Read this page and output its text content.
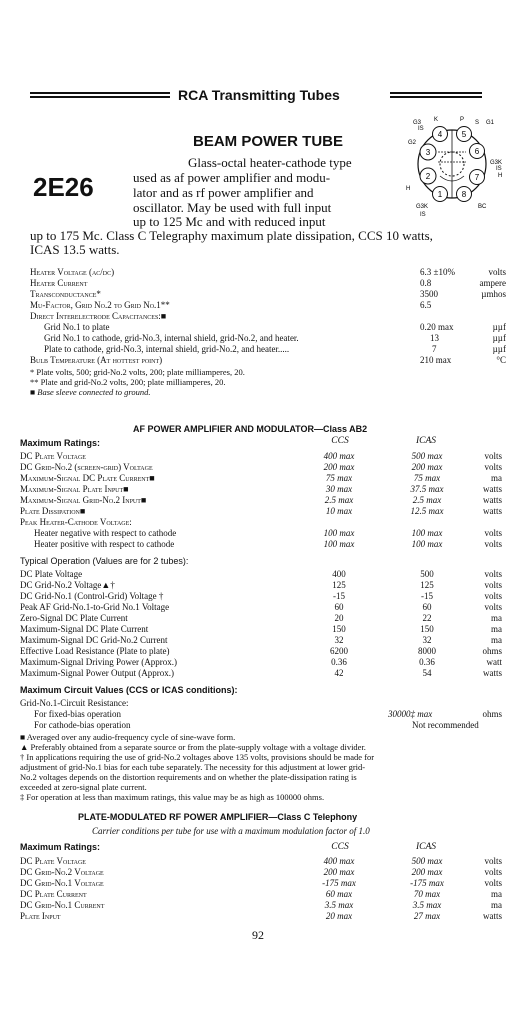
RCA Transmitting Tubes
3
4 5
6
7
8
1
2
G3
IS
K	P S G1
G2
G3 K
IS
H
H
G3 K	BC
IS
BEAM POWER TUBE
2E26
Glass-octal heater-cathode type
used as af power amplifier and modu-
lator and as rf power amplifier and
oscillator. May be used with full input
up to 125 Mc and with reduced input
up to 175 Mc. Class C Telegraphy maximum plate dissipation, CCS 10 watts,
ICAS 13.5 watts.
Heater Voltage (ac/dc)	6.3 ±10%	volts
Heater Current	0.8	ampere
Transconductance*	3500	µmhos
Mu-Factor, Grid No.2 to Grid No.1**	6.5
Direct Interelectrode Capacitances:■
Grid No.1 to plate	0.20 max	µµf
Grid No.1 to cathode, grid-No.3, internal shield, grid-No.2, and heater.	13	µµf
Plate to cathode, grid-No.3, internal shield, grid-No.2, and heater.....	7	µµf
Bulb Temperature (At hottest point)	210 max	°C
* Plate volts, 500; grid-No.2 volts, 200; plate milliamperes, 20.
** Plate and grid-No.2 volts, 200; plate milliamperes, 20.
■ Base sleeve connected to ground.
AF POWER AMPLIFIER AND MODULATOR—Class AB2
Maximum Ratings:	CCS	ICAS
DC Plate Voltage	400 max	500 max	volts
DC Grid-No.2 (screen-grid) Voltage	200 max	200 max	volts
Maximum-Signal DC Plate Current■	75 max	75 max	ma
Maximum-Signal Plate Input■	30 max	37.5 max	watts
Maximum-Signal Grid-No.2 Input■	2.5 max	2.5 max	watts
Plate Dissipation■	10 max	12.5 max	watts
Peak Heater-Cathode Voltage:
Heater negative with respect to cathode	100 max	100 max	volts
Heater positive with respect to cathode	100 max	100 max	volts
Typical Operation (Values are for 2 tubes):
DC Plate Voltage	400	500	volts
DC Grid-No.2 Voltage▲†	125	125	volts
DC Grid-No.1 (Control-Grid) Voltage †	-15	-15	volts
Peak AF Grid-No.1-to-Grid No.1 Voltage	60	60	volts
Zero-Signal DC Plate Current	20	22	ma
Maximum-Signal DC Plate Current	150	150	ma
Maximum-Signal DC Grid-No.2 Current	32	32	ma
Effective Load Resistance (Plate to plate)	6200	8000	ohms
Maximum-Signal Driving Power (Approx.)	0.36	0.36	watt
Maximum-Signal Power Output (Approx.)	42	54	watts
Maximum Circuit Values (CCS or ICAS conditions):
Grid-No.1-Circuit Resistance:
For fixed-bias operation	30000‡ max	ohms
For cathode-bias operation	Not recommended
■ Averaged over any audio-frequency cycle of sine-wave form.
▲ Preferably obtained from a separate source or from the plate-supply voltage with a voltage divider.
† In applications requiring the use of grid-No.2 voltages above 135 volts, provisions should be made for
adjustment of grid-No.1 bias for each tube separately. The necessity for this adjustment at lower grid-
No.2 voltages depends on the distortion requirements and on whether the plate-dissipation rating is
exceeded at zero-signal plate current.
‡ For operation at less than maximum ratings, this value may be as high as 100000 ohms.
PLATE-MODULATED RF POWER AMPLIFIER—Class C Telephony
Carrier conditions per tube for use with a maximum modulation factor of 1.0
Maximum Ratings:	CCS	ICAS
DC Plate Voltage	400 max	500 max	volts
DC Grid-No.2 Voltage	200 max	200 max	volts
DC Grid-No.1 Voltage	-175 max	-175 max	volts
DC Plate Current	60 max	70 max	ma
DC Grid-No.1 Current	3.5 max	3.5 max	ma
Plate Input	20 max	27 max	watts
92
